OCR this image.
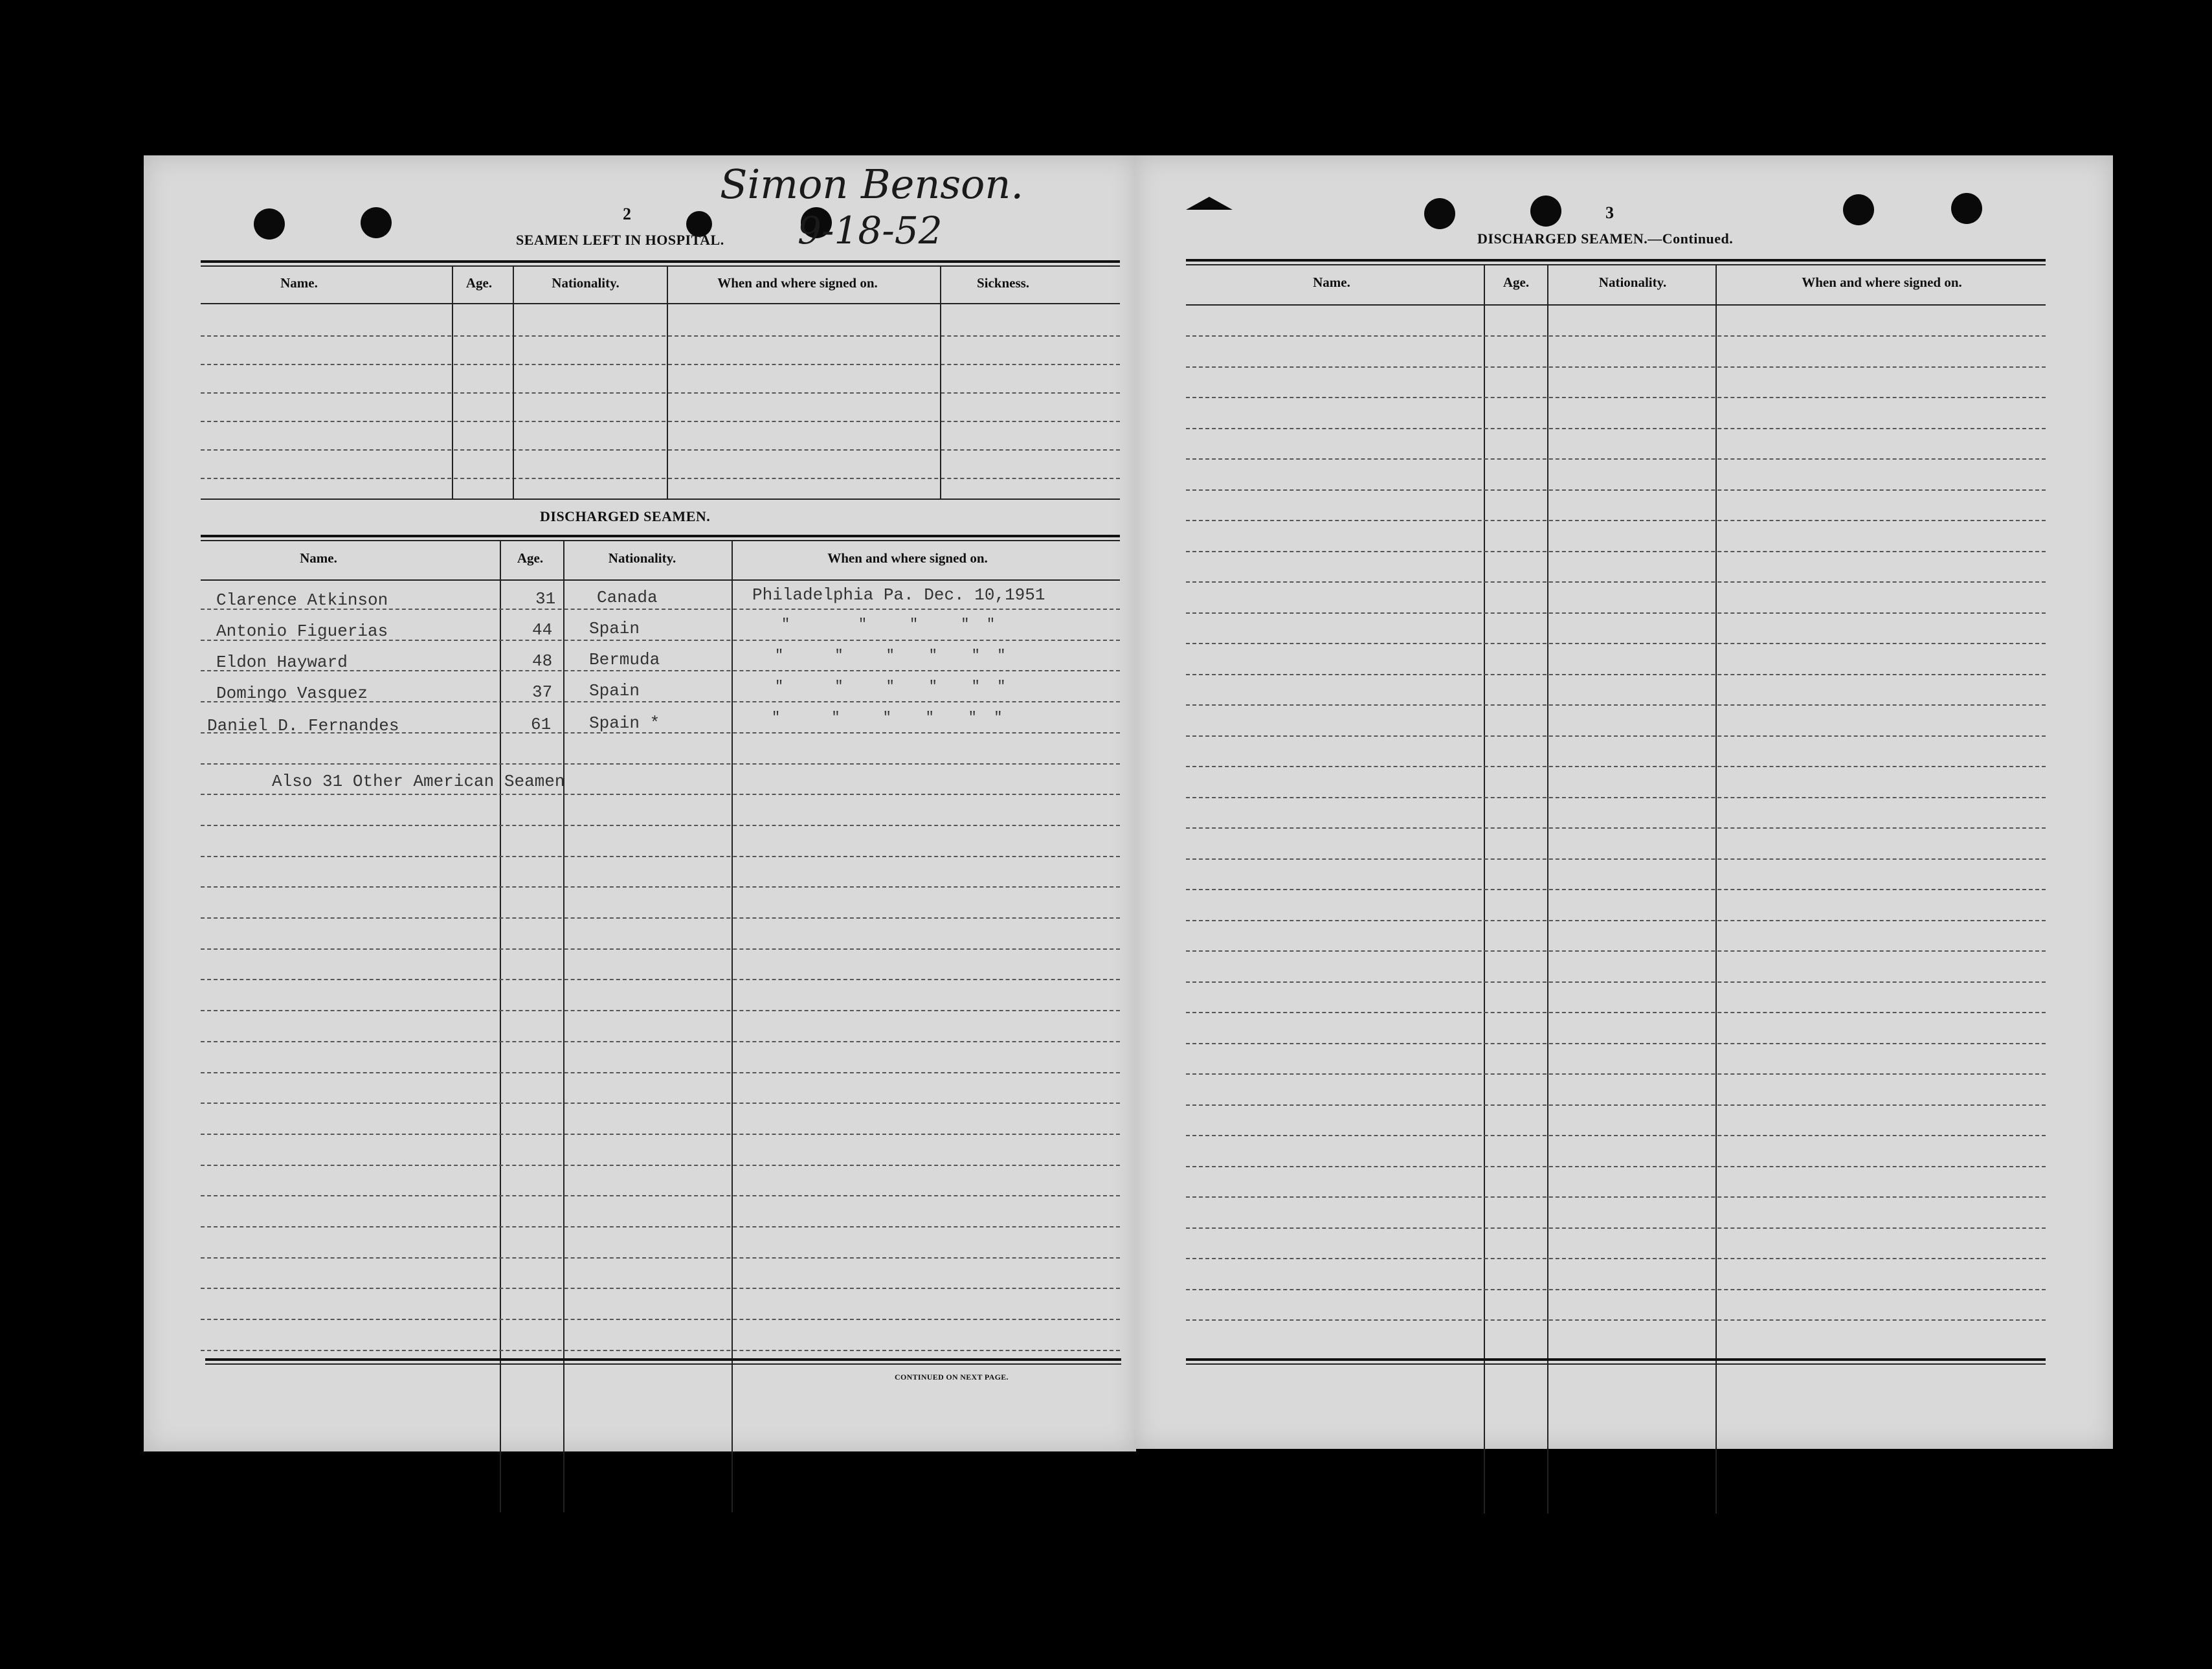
2
SEAMEN LEFT IN HOSPITAL.
Simon Benson.
9-18-52
Name.	Age.	Nationality.	When and where signed on.	Sickness.
DISCHARGED SEAMEN.
Name.	Age.	Nationality.	When and where signed on.
Clarence Atkinson	31 Canada	Philadelphia Pa. Dec. 10,1951
Antonio Figuerias	44 Spain	"        "     "     "  "
Eldon Hayward	48 Bermuda	"      "     "    "    "  "
Domingo Vasquez	37 Spain	"      "     "    "    "  "
Daniel D. Fernandes	61 Spain *	"      "     "    "    "  "
Also 31 Other American Seamen
CONTINUED ON NEXT PAGE.
3
DISCHARGED SEAMEN.—Continued.
Name.	Age.	Nationality.	When and where signed on.
